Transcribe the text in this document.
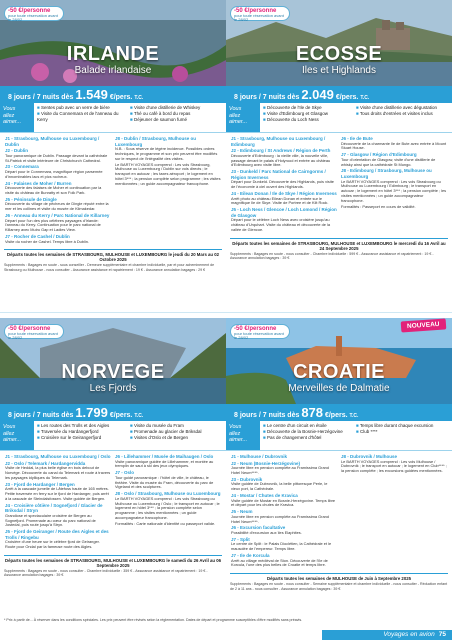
-50 €/personne
pour toute réservation avant le 28/02
IRLANDE
Balade irlandaise
8 jours / 7 nuits dès 1.549 €/pers. T.C.
Vous
allez
aimer...
■ Sentes pub avec un verre de bière
■ Visite du Connemara et de l'anneau du Kerry
■ Visite d'une distillerie de Whiskey
■ Thé ou café à bord du repas
■ Déjeuner de saumon fumé
J1 - Strasbourg, Mulhouse ou Luxembourg / Dublin
J2 - Dublin

Tour panoramique de Dublin. Passage devant la cathédrale St-Patrick et visite intérieure de Christchurch Cathedral.

J3 - Connemara

Départ pour le Connemara, magnifique région parsemée d'innombrables lacs et pics rocheux.

J4 - Falaises de Moher / Burren

Découverte des falaises de Moher et continuation par la visite du château de Bunratty et son Folk Park.

J5 - Péninsule de Dingle

Découverte du village de pêcheurs de Dingle réputé entre la mer et les collines et visite du musée de Kilmakedar.

J6 - Anneau du Kerry / Parc National de Killarney

Départ pour l'un des plus célèbres paysages d'Irlande: l'anneau du Kerry. Continuation pour le parc national de Killarney avec Muiru Gap et Ladies View.

J7 - Rocher de Cashel / Dublin

Visite du rocher de Cashel. Temps libre à Dublin.

J8 - Dublin / Strasbourg, Mulhouse ou Luxembourg

N.B. : Sous réserve de légère incidence. Possibles ordres techniques, le programme et son prix peuvent être modifiés sur le respect de l'intégralité des visites.

Le BARTH VOYAGES comprend : Les vols Strasbourg, Mulhouse ou Luxembourg / Dublin sur vols directs ; le transport en autocar ; les taxes aéroport ; le logement en hôtel 3*** ; la pension complète selon programme ; les visites mentionnées ; un guide accompagnateur francophone.

Départs toutes les semaines de STRASBOURG, MULHOUSE et LUXEMBOURG le jeudi du 20 Mars au 02 Octobre 2025
Supplements : Bagages en soute - sous conseiller - Demeure supplémentaire et chambre individuelle, par et pour acheminement de Strasbourg ou Mulhouse - nous consulter - Assurance assistance et rapatriement : 19 € - Assurance annulation bagages : 29 €
-50 €/personne
pour toute réservation avant le 28/02
ECOSSE
Iles et Highlands
8 jours / 7 nuits dès 2.049 €/pers. T.C.
Vous
allez
aimer...
■ Découverte de l'Ile de Skye
■ Visite d'Edimbourg et Glasgow
■ Découverte du Loch Ness
■ Visite d'une distillerie avec dégustation
■ Tous droits d'entrées et visites inclus
J1 - Strasbourg, Mulhouse ou Luxembourg / Edimbourg
J2 - Edimbourg / St Andrews / Région de Perth

Découverte d'Edimbourg : la vieille ville, la nouvelle ville, passage devant le palais d'Holyrood et entrée au château d'Edimbourg avec visite libre.

J3 - Dunkeld / Parc National de Cairngorms / Région Inverness

Départ pour Dunkeld. Découverte des Highlands, puis visite de l'économie à ciel ouvert des Highlands.

J4 - Eilean Donan / Ile de Skye / Région Inverness

Arrêt photo au château Eilean Donan et entrée sur le magnifique Ile de Skye. Visite de Portree et de Kilt Rock.

J5 - Loch Ness / Glencoe / Loch Lomond / Région de Glasgow

Départ pour le célèbre Loch Ness avec croisière jusqu'au château d'Urquhart. Visite du château et découverte de la vallée de Glencoe.

J6 - Ile de Bute

Découverte de la charmante Ile de Bute avec entrée à Mount Stuart House.

J7 - Glasgow / Région d'Edimbourg

Tour d'orientation de Glasgow, visite d'une distillerie de whisky ainsi que la cathédrale St Mungo.

J8 - Edimbourg / Strasbourg, Mulhouse ou Luxembourg

Le BARTH VOYAGES comprend : Les vols Strasbourg ou Mulhouse ou Luxembourg / Edimbourg ; le transport en autocar ; le logement en hôtel 3*** ; la pension complète ; les visites mentionnées ; un guide accompagnateur francophone.

Formalités : Passeport en cours de validité.

Départs toutes les semaines de STRASBOURG, MULHOUSE et LUXEMBOURG le mercredi du 16 Avril au 24 Septembre 2025
Supplements : Bagages en soute - nous consulter - Chambre individuelle : 599 € - Assurance assistance et rapatriement : 19 € - Assurance annulation bagages : 39 €
-50 €/personne
pour toute réservation avant le 28/02
NORVEGE
Les Fjords
8 jours / 7 nuits dès 1.799 €/pers. T.C.
Vous
allez
aimer...
■ Les routes des Trolls et des Aigles
■ Traversée du Hardangerfjord
■ Croisière sur le Geirangerfjord
■ Visite du musée du Fram
■ Promenade au glacier de Briksdal
■ Visites d'Oslo et de Bergen
J1 - Strasbourg, Mulhouse ou Luxembourg / Oslo
J2 - Oslo / Telemark / Hardangervidda

Visite de Heddal, la plus belle église en bois debout de Norvège. Découverte du canal du Telemark et route à travers les paysages idylliques du Telemark.

J3 - Fjord de Hardanger / Bergen

Arrêt à la cascade jumelle de Låtefoss haute de 165 mètres. Petite traversée en ferry sur le fjord de Hardanger, puis arrêt à la cascade de Steindalsfossen. Visite guidée de Bergen.

J4 - Croisière côtière / Sognefjord / Glacier de Briksdal / Stryn

Grandiose et spectaculaire croisière de Bergen au Sognefjord. Promenade au cœur du parc national de Jostedal, puis route jusqu'à Stryn.

J5 - Fjord de Geiranger / Route des Aigles et des Trolls / Ringebu

Croisière d'une heure sur le célèbre fjord de Geiranger. Route pour Ondal par la fameuse route des Aigles.

J6 - Lillehammer / Musée de Maihaugen / Oslo

Visite panoramique guidée de Lillehammer, et montée au tremplin de saut à ski des jeux olympiques.

J7 - Oslo

Tour guidé panoramique : l'hôtel de ville, le château, le théâtre. Visite du musée du Fram, découverte du parc de Vigeland et des sculptures.

J8 - Oslo / Strasbourg, Mulhouse ou Luxembourg

Le BARTH VOYAGES comprend : Les vols Strasbourg ou Mulhouse ou Luxembourg / Oslo ; le transport en autocar ; le logement en hôtel 3*** ; la pension complète selon programme ; les visites mentionnées ; un guide accompagnateur francophone.

Formalités : Carte nationale d'identité ou passeport valide.

Départs toutes les semaines de STRASBOURG, MULHOUSE et LUXEMBOURG le samedi du 26 Avril au 06 Septembre 2025
Supplements : Bagages en soute - nous consulter - Chambre individuelle : 359 € - Assurance assistance et rapatriement : 19 € - Assurance annulation bagages : 39 €
NOUVEAU
-50 €/personne
pour toute réservation avant le 28/02
CROATIE
Merveilles de Dalmatie
8 jours / 7 nuits dès 878 €/pers. T.C.
Vous
allez
aimer...
■ Le centre d'un circuit en étoile
■ Découverte de la Bosnie-Herzégovine
■ Pas de changement d'hôtel
■ Temps libre durant chaque excursion
■ Club ****
J1 - Mulhouse / Dubrovnik
J2 - Neum (Bosnie-Herzégovine)

Journée libre en pension complète au Framissima Grand Hotel Neum****.

J3 - Dubrovnik

Visite guidée de Dubrovnik, la belle pittoresque Perle, le vieux port, la Cathédrale.

J4 - Mostar / Chutes de Kravica

Visite guidée de Mostar en Bosnie-Herzégovine. Temps libre et départ pour les chutes de Kravica.

J5 - Neum

Journée libre en pension complète au Framissima Grand Hotel Neum****.

J6 - Excursion facultative

Possibilité d'excursion aux îles Elaphites.

J7 - Split

Le centre de Split : le Palais Dioclétien, la Cathédrale et le mausolée de l'empereur. Temps libre.

J7 - Ile de Korcula

Arrêt au village médiéval de Ston. Découverte de l'île de Korcula, l'une des plus belles de Croatie et temps libre.

J8 - Dubrovnik / Mulhouse

Le BARTH VOYAGES comprend : Les vols Mulhouse / Dubrovnik ; le transport en autocar ; le logement en Club**** ; la pension complète ; les excursions guidées mentionnées.

Départs toutes les semaines de MULHOUSE de Juin à Septembre 2025
Supplements : Bagages en soute - nous consulter - Semaine supplémentaire et chambre individuelle - nous consulter - Réduction enfant de 2 à 11 ans - nous consulter - Assurance annulation bagages : 39 €
* Prix à partir de... À réserver dans les conditions spéciales. Les prix peuvent être révisés selon la réglementation. Dates de départ et programme susceptibles d'être modifiés sans préavis.
Voyages en avion 75
